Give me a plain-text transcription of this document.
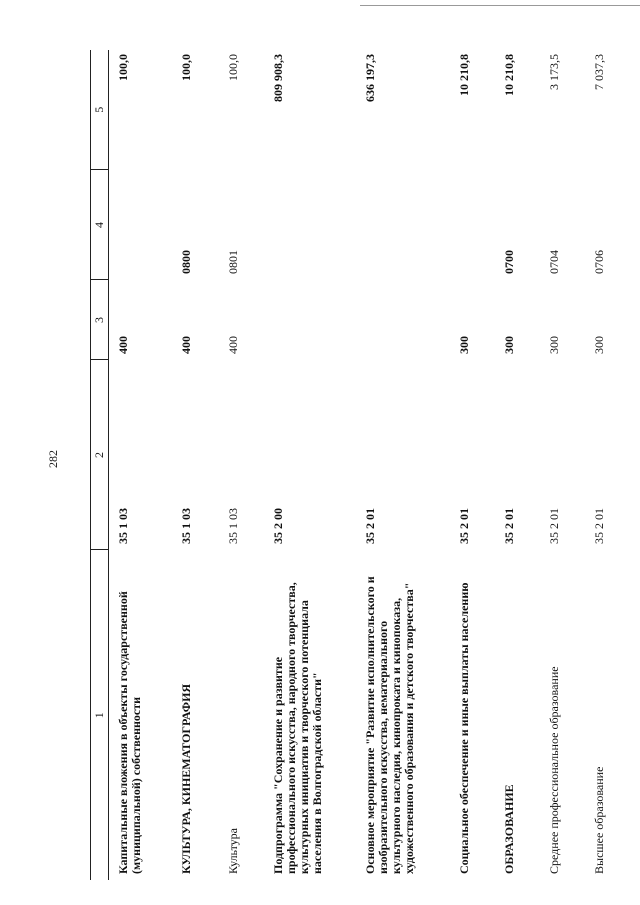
282
1	2	3	4	5
Капитальные вложения в объекты государственной (муниципальной) собственности	35 1 03	400		100,0
КУЛЬТУРА, КИНЕМАТОГРАФИЯ	35 1 03	400	0800	100,0
Культура	35 1 03	400	0801	100,0
Подпрограмма "Сохранение и развитие профессионального искусства, народного творчества, культурных инициатив и творческого потенциала населения в Волгоградской области"	35 2 00			809 908,3
Основное мероприятие "Развитие исполнительского и изобразительного искусства, нематериального культурного наследия, кинопроката и кинопоказа, художественного образования и детского творчества"	35 2 01			636 197,3
Социальное обеспечение и иные выплаты населению	35 2 01	300		10 210,8
ОБРАЗОВАНИЕ	35 2 01	300	0700	10 210,8
Среднее профессиональное образование	35 2 01	300	0704	3 173,5
Высшее образование	35 2 01	300	0706	7 037,3
